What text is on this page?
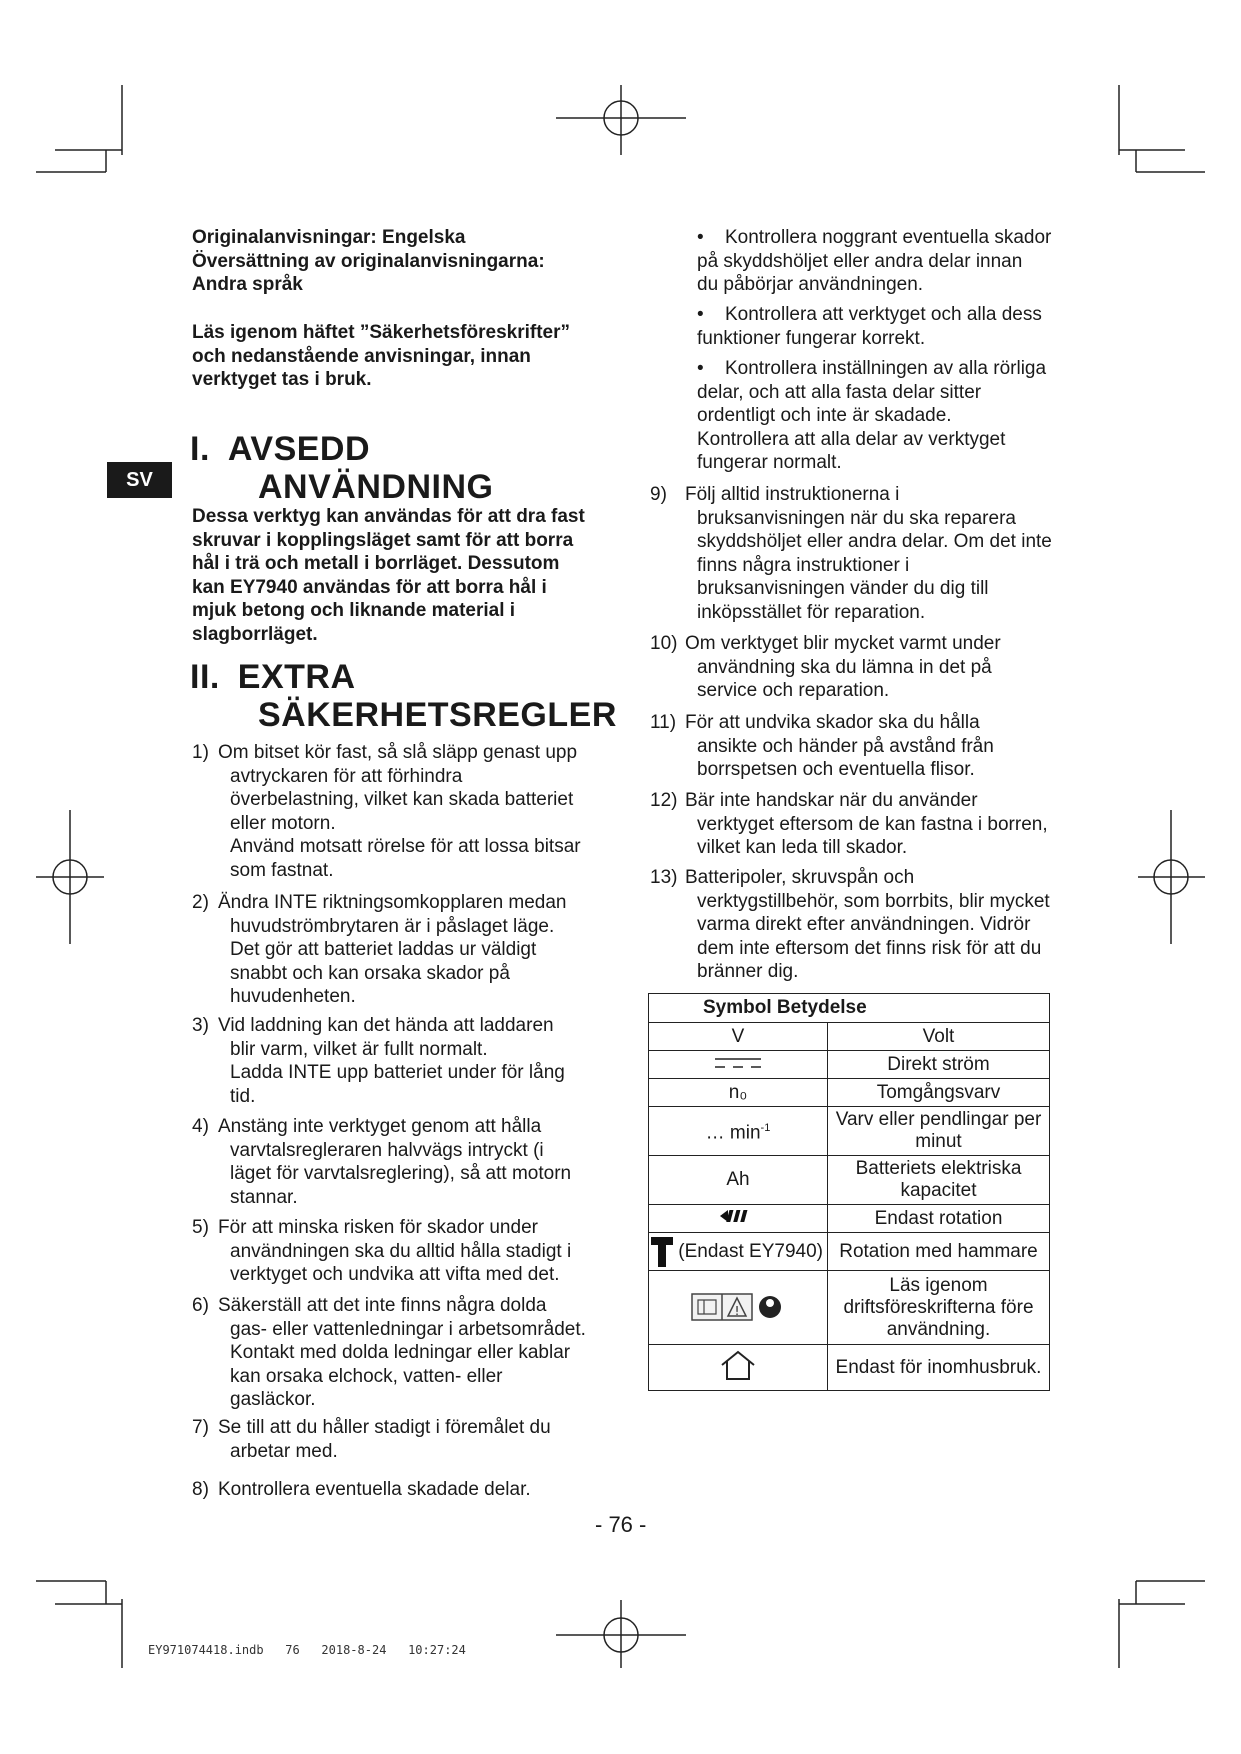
SV
Originalanvisningar: Engelska
Översättning av originalanvisningarna:
Andra språk
Läs igenom häftet ”Säkerhetsföreskrifter”
och nedanstående anvisningar, innan
verktyget tas i bruk.
I. AVSEDD
ANVÄNDNING
Dessa verktyg kan användas för att dra fast
skruvar i kopplingsläget samt för att borra
hål i trä och metall i borrläget. Dessutom
kan EY7940 användas för att borra hål i
mjuk betong och liknande material i
slagborrläget.
II. EXTRA
SÄKERHETSREGLER
1) Om bitset kör fast, så slå släpp genast upp
avtryckaren för att förhindra
överbelastning, vilket kan skada batteriet
eller motorn.
Använd motsatt rörelse för att lossa bitsar
som fastnat.
2) Ändra INTE riktningsomkopplaren medan
huvudströmbrytaren är i påslaget läge.
Det gör att batteriet laddas ur väldigt
snabbt och kan orsaka skador på
huvudenheten.
3) Vid laddning kan det hända att laddaren
blir varm, vilket är fullt normalt.
Ladda INTE upp batteriet under för lång
tid.
4) Anstäng inte verktyget genom att hålla
varvtalsregleraren halvvägs intryckt (i
läget för varvtalsreglering), så att motorn
stannar.
5) För att minska risken för skador under
användningen ska du alltid hålla stadigt i
verktyget och undvika att vifta med det.
6) Säkerställ att det inte finns några dolda
gas- eller vattenledningar i arbetsområdet.
Kontakt med dolda ledningar eller kablar
kan orsaka elchock, vatten- eller
gasläckor.
7) Se till att du håller stadigt i föremålet du
arbetar med.
8) Kontrollera eventuella skadade delar.
• Kontrollera noggrant eventuella skador
på skyddshöljet eller andra delar innan
du påbörjar användningen.
• Kontrollera att verktyget och alla dess
funktioner fungerar korrekt.
• Kontrollera inställningen av alla rörliga
delar, och att alla fasta delar sitter
ordentligt och inte är skadade.
Kontrollera att alla delar av verktyget
fungerar normalt.
9) Följ alltid instruktionerna i
bruksanvisningen när du ska reparera
skyddshöljet eller andra delar. Om det inte
finns några instruktioner i
bruksanvisningen vänder du dig till
inköpsstället för reparation.
10) Om verktyget blir mycket varmt under
användning ska du lämna in det på
service och reparation.
11) För att undvika skador ska du hålla
ansikte och händer på avstånd från
borrspetsen och eventuella flisor.
12) Bär inte handskar när du använder
verktyget eftersom de kan fastna i borren,
vilket kan leda till skador.
13) Batteripoler, skruvspån och
verktygstillbehör, som borrbits, blir mycket
varma direkt efter användningen. Vidrör
dem inte eftersom det finns risk för att du
bränner dig.
Symbol Betydelse	
V	Volt
	Direkt ström
n₀	Tomgångsvarv
… $\min^{-1}$	Varv eller pendlingar per minut
Ah	Batteriets elektriska kapacitet
	Endast rotation
(Endast EY7940)	Rotation med hammare

!	Läs igenom driftsföreskrifterna före användning.
	Endast för inomhusbruk.
- 76 -
EY971074418.indb   76   2018-8-24   10:27:24
